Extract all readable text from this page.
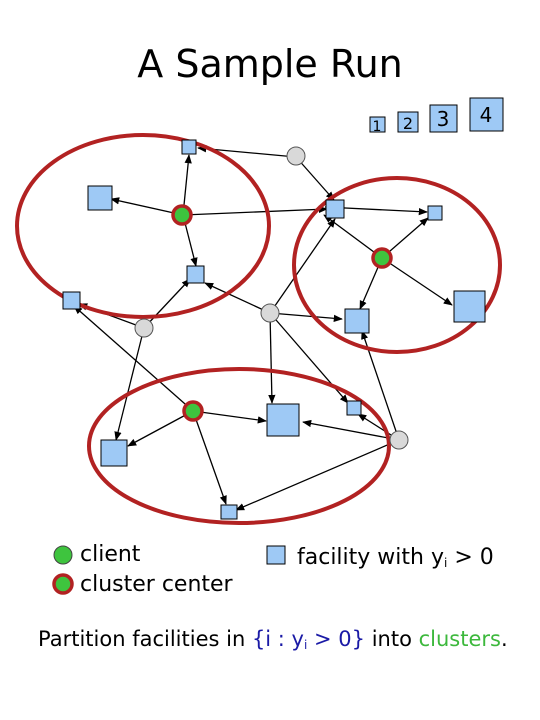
A Sample Run
1 2 3 4
client
cluster center
facility with $y_i > 0$
Partition facilities in {i : $y_i > 0$} into clusters.
